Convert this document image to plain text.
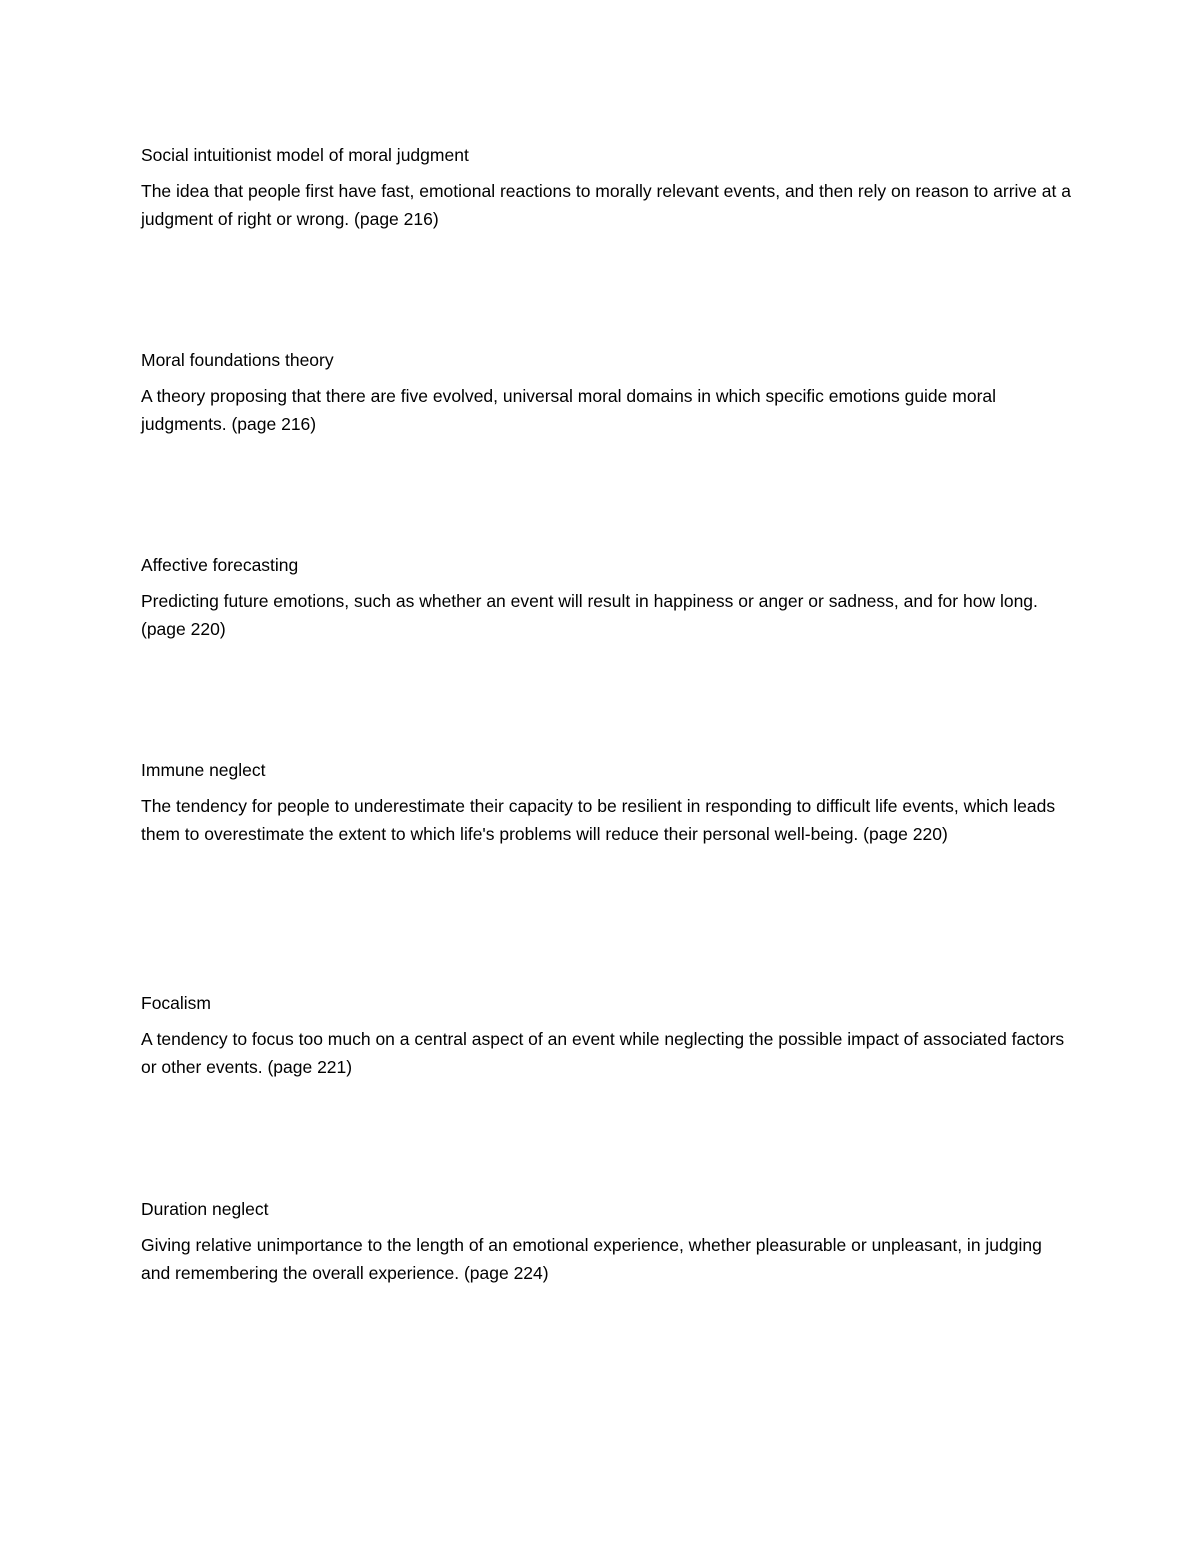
Social intuitionist model of moral judgment

The idea that people first have fast, emotional reactions to morally relevant events, and then rely on reason to arrive at a judgment of right or wrong. (page 216)

Moral foundations theory

A theory proposing that there are five evolved, universal moral domains in which specific emotions guide moral judgments. (page 216)

Affective forecasting

Predicting future emotions, such as whether an event will result in happiness or anger or sadness, and for how long. (page 220)

Immune neglect

The tendency for people to underestimate their capacity to be resilient in responding to difficult life events, which leads them to overestimate the extent to which life's problems will reduce their personal well-being. (page 220)

Focalism

A tendency to focus too much on a central aspect of an event while neglecting the possible impact of associated factors or other events. (page 221)

Duration neglect

Giving relative unimportance to the length of an emotional experience, whether pleasurable or unpleasant, in judging and remembering the overall experience. (page 224)
